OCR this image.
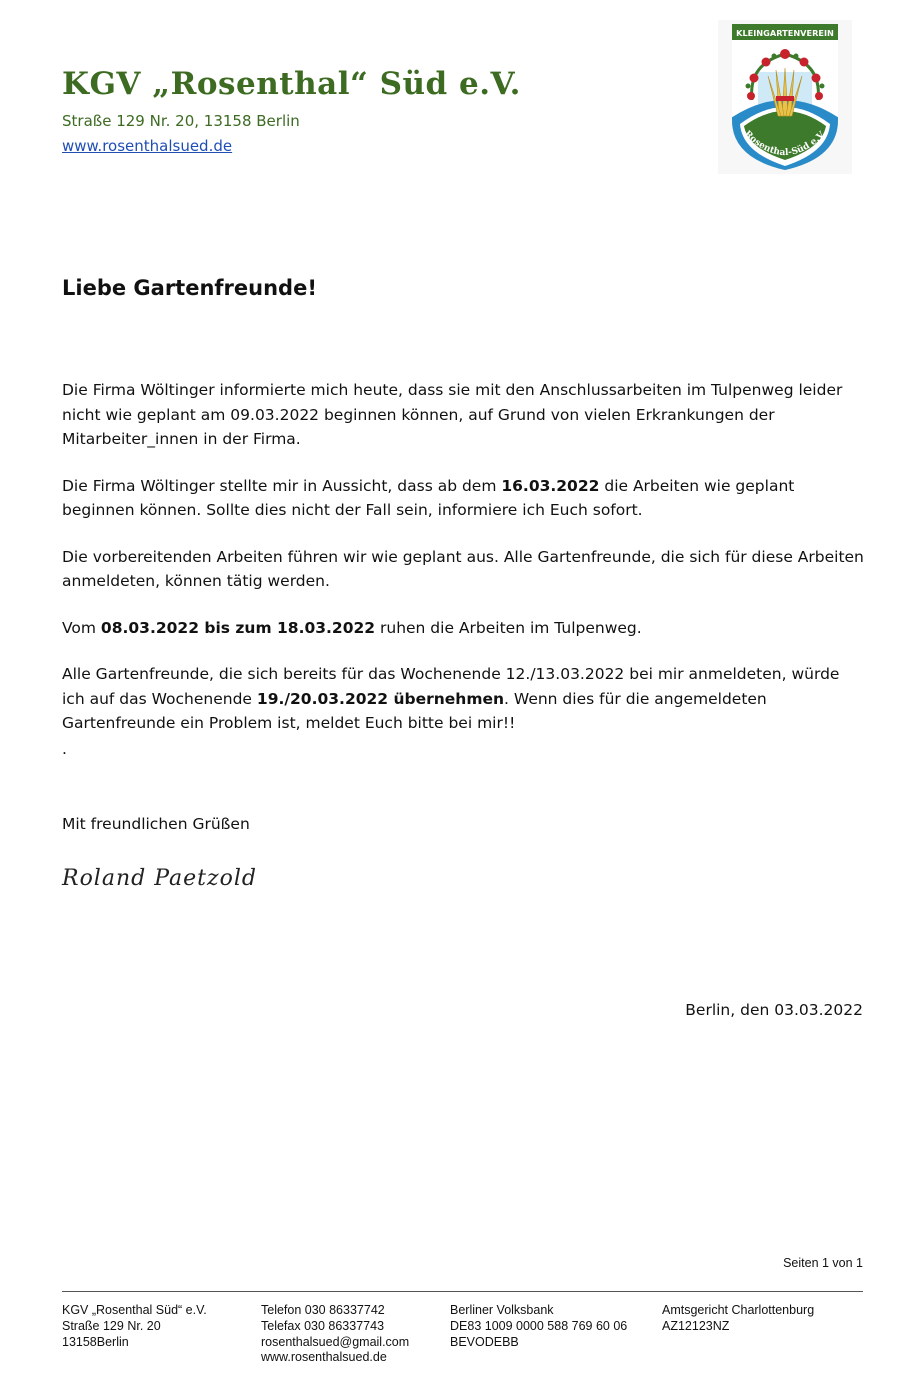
KGV „Rosenthal“ Süd e.V.
Straße 129 Nr. 20, 13158 Berlin
www.rosenthalsued.de
KLEINGARTENVEREIN
Rosenthal-Süd e.V.
Liebe Gartenfreunde!

Die Firma Wöltinger informierte mich heute, dass sie mit den Anschlussarbeiten im Tulpenweg leider nicht wie geplant am 09.03.2022 beginnen können, auf Grund von vielen Erkrankungen der Mitarbeiter_innen in der Firma.

Die Firma Wöltinger stellte mir in Aussicht, dass ab dem 16.03.2022 die Arbeiten wie geplant beginnen können. Sollte dies nicht der Fall sein, informiere ich Euch sofort.

Die vorbereitenden Arbeiten führen wir wie geplant aus. Alle Gartenfreunde, die sich für diese Arbeiten anmeldeten, können tätig werden.

Vom 08.03.2022 bis zum 18.03.2022 ruhen die Arbeiten im Tulpenweg.

Alle Gartenfreunde, die sich bereits für das Wochenende 12./13.03.2022 bei mir anmeldeten, würde ich auf das Wochenende 19./20.03.2022 übernehmen. Wenn dies für die angemeldeten Gartenfreunde ein Problem ist, meldet Euch bitte bei mir!!

.

Mit freundlichen Grüßen
Roland Paetzold
Berlin, den 03.03.2022
Seiten 1 von 1
KGV „Rosenthal Süd“ e.V.
Straße 129 Nr. 20
13158Berlin
Telefon 030 86337742
Telefax 030 86337743
rosenthalsued@gmail.com
www.rosenthalsued.de
Berliner Volksbank
DE83 1009 0000 588 769 60 06
BEVODEBB
Amtsgericht Charlottenburg
AZ12123NZ
